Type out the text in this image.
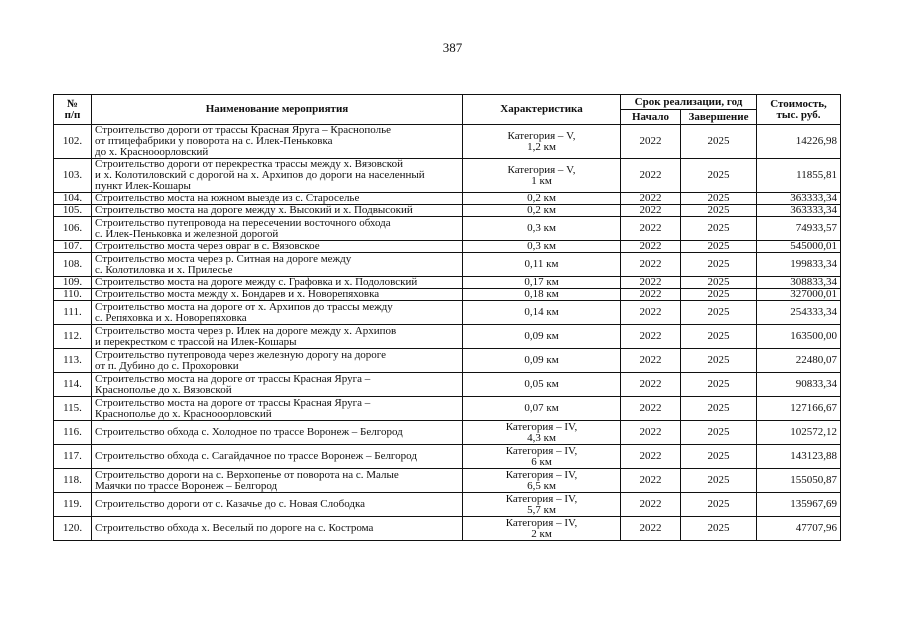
387
№
п/п	Наименование мероприятия	Характеристика	Срок реализации, год		Стоимость,
тыс. руб.
			Начало	Завершение	
102.	Строительство дороги от трассы Красная Яруга – Краснополье
от птицефабрики у поворота на с. Илек-Пеньковка
до х. Краснооорловский	Категория – V,
1,2 км	2022	2025	14226,98
103.	Строительство дороги от перекрестка трассы между х. Вязовской
и х. Колотиловский с дорогой на х. Архипов до дороги на населенный
пункт Илек-Кошары	Категория – V,
1 км	2022	2025	11855,81
104.	Строительство моста на южном выезде из с. Староселье	0,2 км	2022	2025	363333,34
105.	Строительство моста на дороге между х. Высокий и х. Подвысокий	0,2 км	2022	2025	363333,34
106.	Строительство путепровода на пересечении восточного обхода
с. Илек-Пеньковка и железной дорогой	0,3 км	2022	2025	74933,57
107.	Строительство моста через овраг в с. Вязовское	0,3 км	2022	2025	545000,01
108.	Строительство моста через р. Ситная на дороге между
с. Колотиловка и х. Прилесье	0,11 км	2022	2025	199833,34
109.	Строительство моста на дороге между с. Графовка и х. Подоловский	0,17 км	2022	2025	308833,34
110.	Строительство моста между х. Бондарев и х. Новорепяховка	0,18 км	2022	2025	327000,01
111.	Строительство моста на дороге от х. Архипов до трассы между
с. Репяховка и х. Новорепяховка	0,14 км	2022	2025	254333,34
112.	Строительство моста через р. Илек на дороге между х. Архипов
и перекрестком с трассой на Илек-Кошары	0,09 км	2022	2025	163500,00
113.	Строительство путепровода через железную дорогу на дороге
от п. Дубино до с. Прохоровки	0,09 км	2022	2025	22480,07
114.	Строительство моста на дороге от трассы Красная Яруга –
Краснополье до х. Вязовской	0,05 км	2022	2025	90833,34
115.	Строительство моста на дороге от трассы Красная Яруга –
Краснополье до х. Краснооорловский	0,07 км	2022	2025	127166,67
116.	Строительство обхода с. Холодное по трассе Воронеж – Белгород	Категория – IV,
4,3 км	2022	2025	102572,12
117.	Строительство обхода с. Сагайдачное по трассе Воронеж – Белгород	Категория – IV,
6 км	2022	2025	143123,88
118.	Строительство дороги на с. Верхопенье от поворота на с. Малые
Маячки по трассе Воронеж – Белгород	Категория – IV,
6,5 км	2022	2025	155050,87
119.	Строительство дороги от с. Казачье до с. Новая Слободка	Категория – IV,
5,7 км	2022	2025	135967,69
120.	Строительство обхода х. Веселый по дороге на с. Кострома	Категория – IV,
2 км	2022	2025	47707,96
